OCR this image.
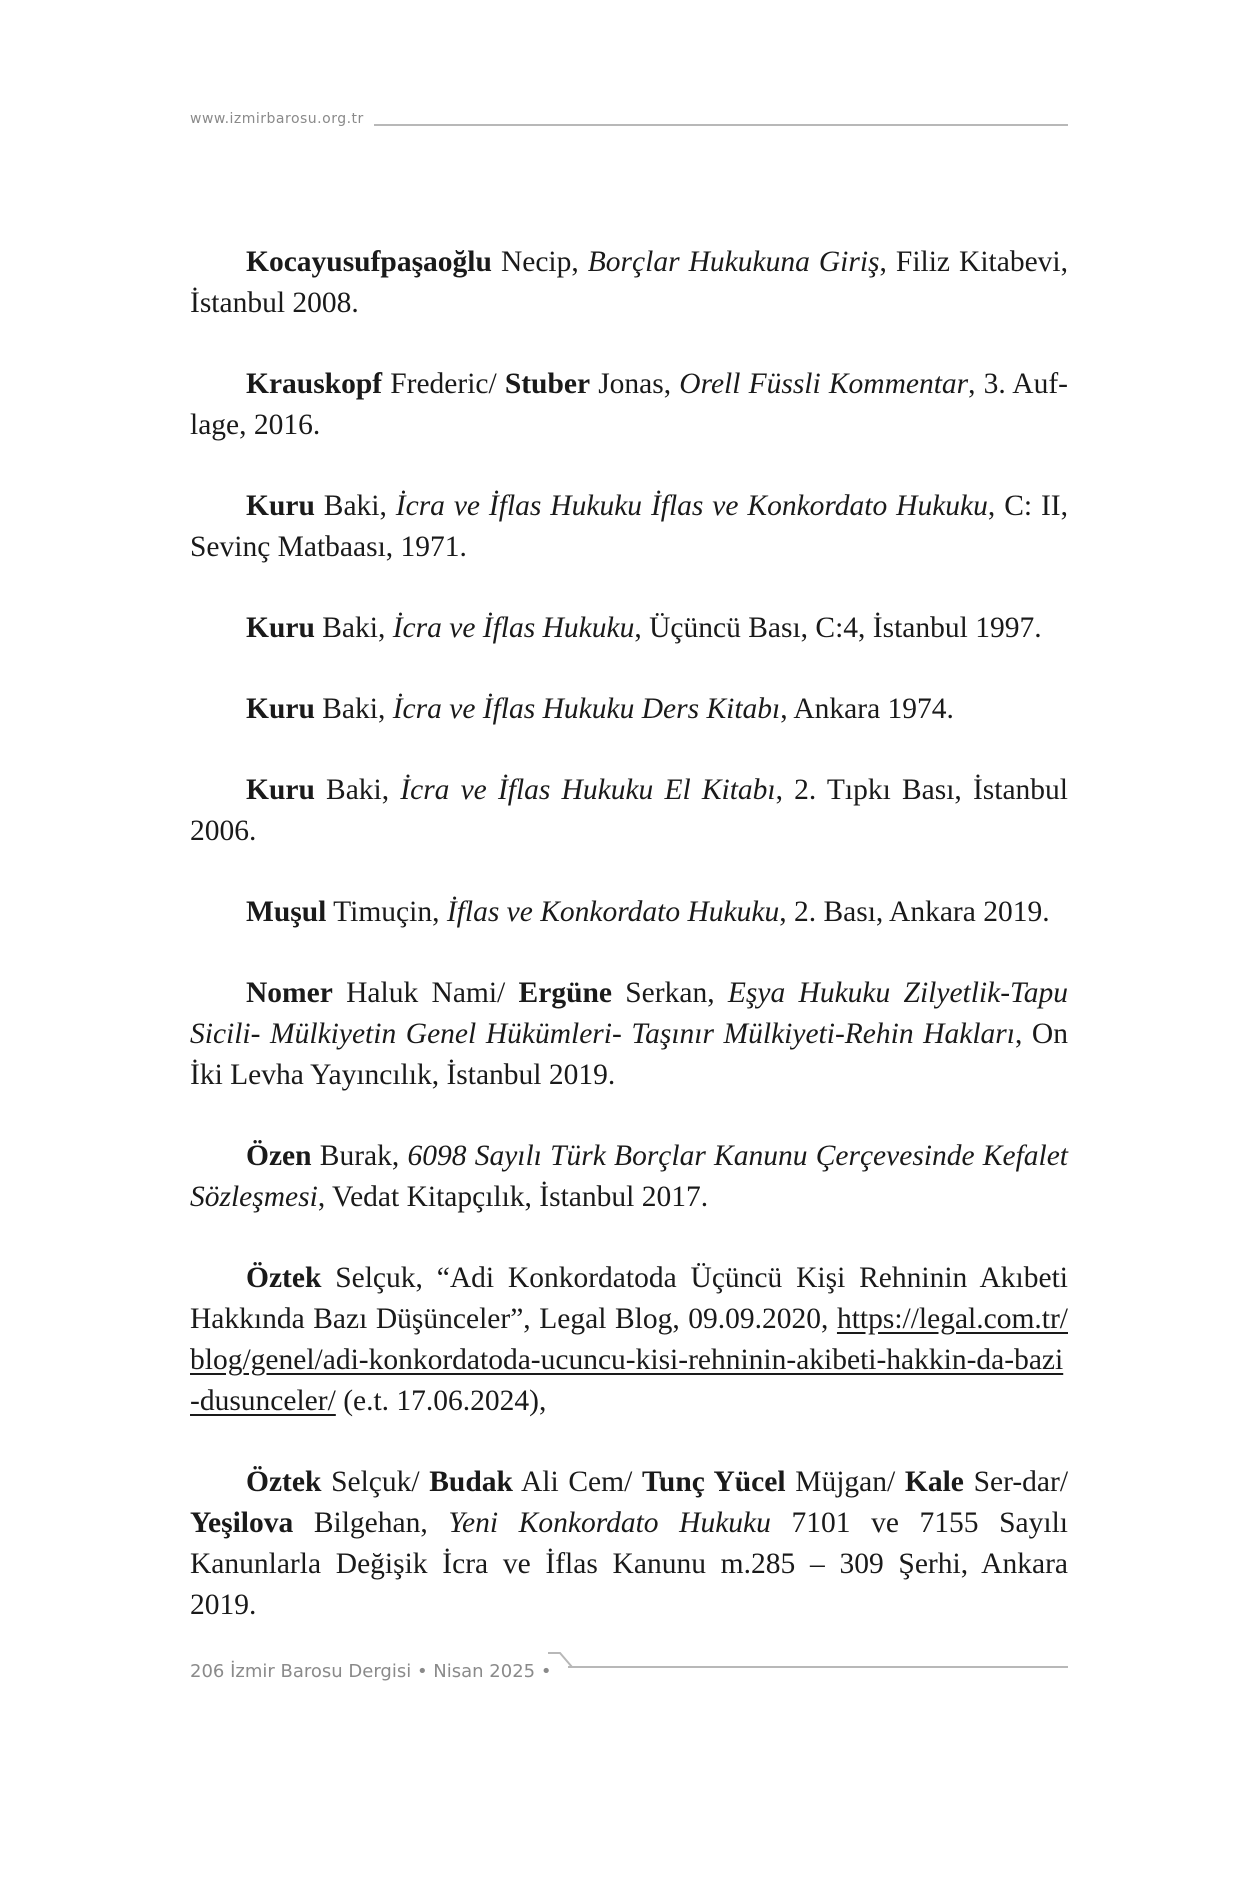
www.izmirbarosu.org.tr

Kocayusufpaşaoğlu Necip, Borçlar Hukukuna Giriş, Filiz Kitabevi, İstanbul 2008.

Krauskopf Frederic/ Stuber Jonas, Orell Füssli Kommentar, 3. Auf-lage, 2016.

Kuru Baki, İcra ve İflas Hukuku İflas ve Konkordato Hukuku, C: II, Sevinç Matbaası, 1971.

Kuru Baki, İcra ve İflas Hukuku, Üçüncü Bası, C:4, İstanbul 1997.

Kuru Baki, İcra ve İflas Hukuku Ders Kitabı, Ankara 1974.

Kuru Baki, İcra ve İflas Hukuku El Kitabı, 2. Tıpkı Bası, İstanbul 2006.

Muşul Timuçin, İflas ve Konkordato Hukuku, 2. Bası, Ankara 2019.

Nomer Haluk Nami/ Ergüne Serkan, Eşya Hukuku Zilyetlik-Tapu Sicili- Mülkiyetin Genel Hükümleri- Taşınır Mülkiyeti-Rehin Hakları, On İki Levha Yayıncılık, İstanbul 2019.

Özen Burak, 6098 Sayılı Türk Borçlar Kanunu Çerçevesinde Kefalet Sözleşmesi, Vedat Kitapçılık, İstanbul 2017.

Öztek Selçuk, “Adi Konkordatoda Üçüncü Kişi Rehninin Akıbeti Hakkında Bazı Düşünceler”, Legal Blog, 09.09.2020, https://legal.com.tr/blog/genel/adi-konkordatoda-ucuncu-kisi-rehninin-akibeti-hakkin-da-bazi-dusunceler/ (e.t. 17.06.2024),

Öztek Selçuk/ Budak Ali Cem/ Tunç Yücel Müjgan/ Kale Ser-dar/ Yeşilova Bilgehan, Yeni Konkordato Hukuku 7101 ve 7155 Sayılı Kanunlarla Değişik İcra ve İflas Kanunu m.285 – 309 Şerhi, Ankara 2019.

206 İzmir Barosu Dergisi • Nisan 2025 •
